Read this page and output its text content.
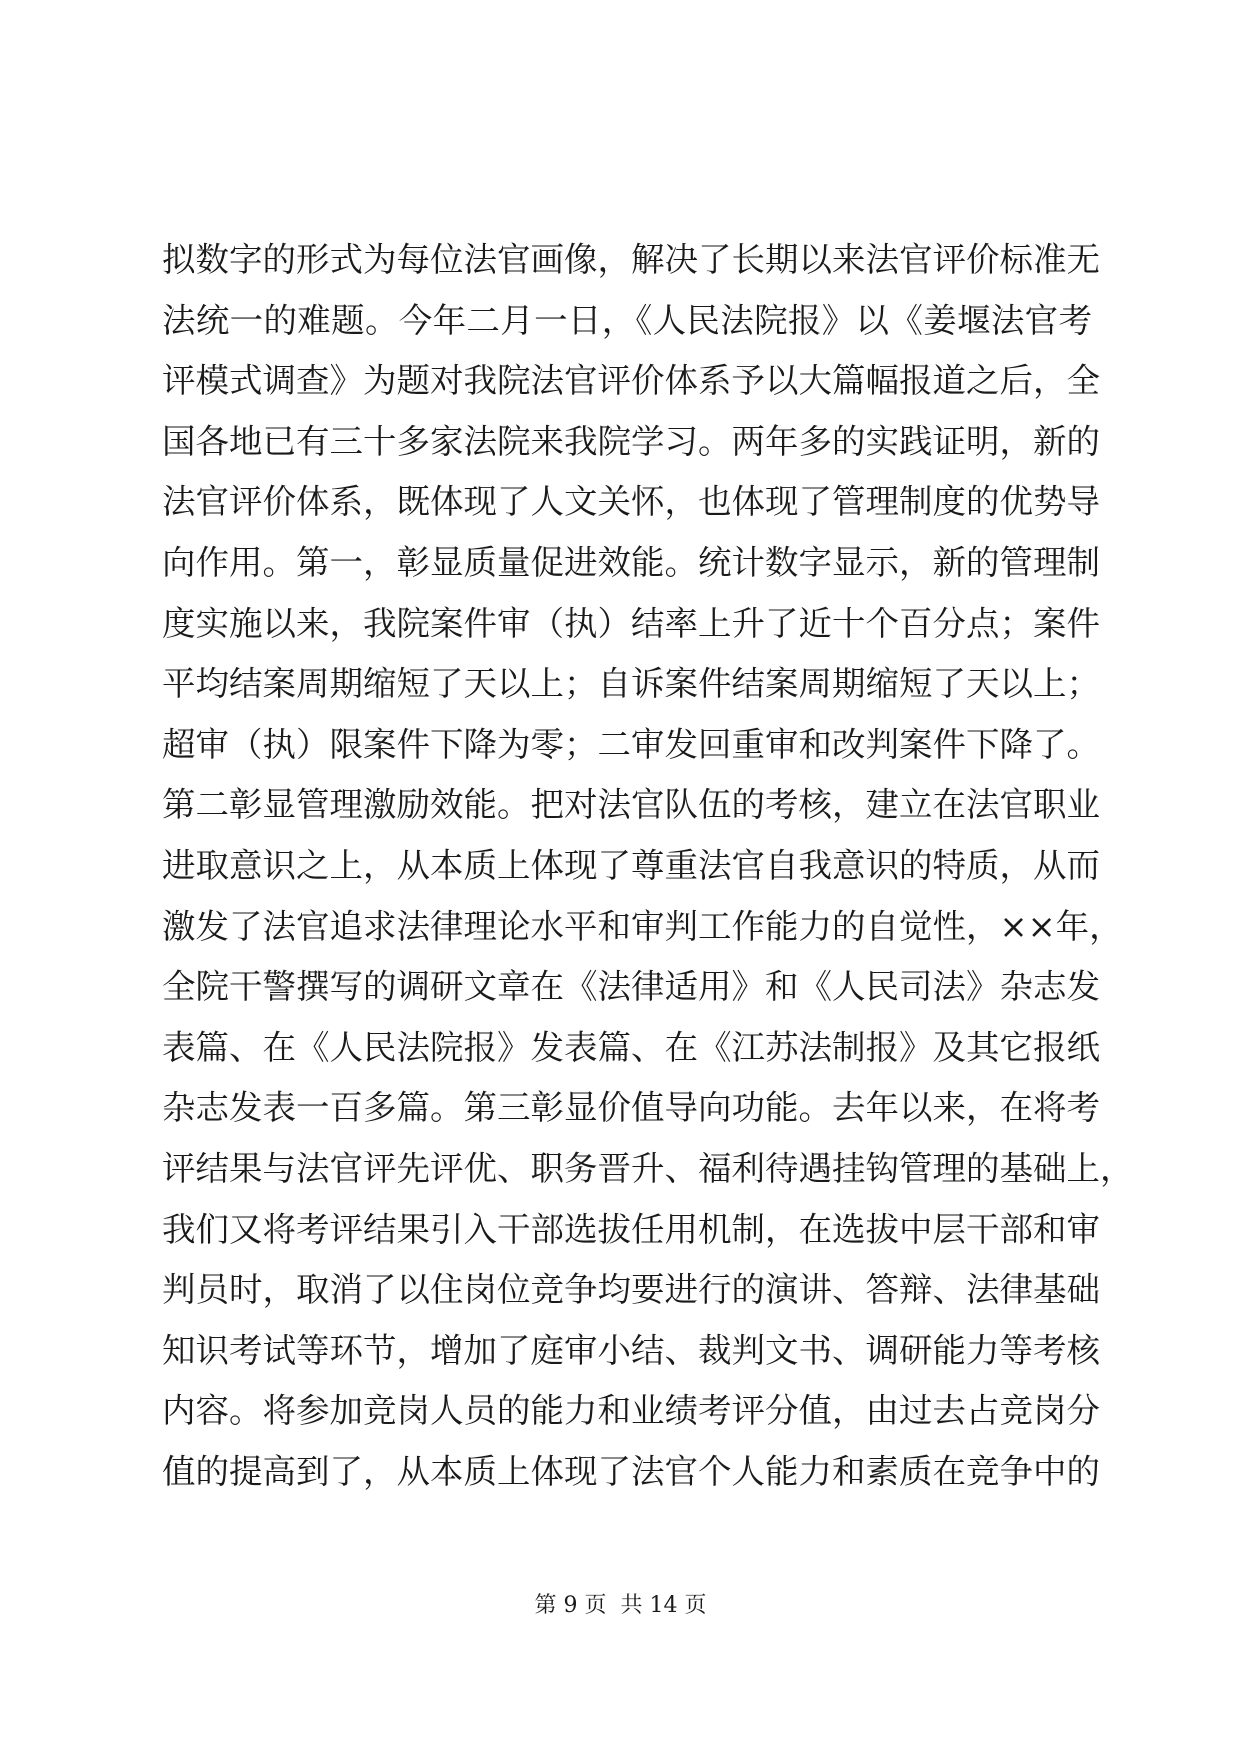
拟数字的形式为每位法官画像，解决了长期以来法官评价标准无
法统一的难题。今年二月一日，《人民法院报》以《姜堰法官考
评模式调查》为题对我院法官评价体系予以大篇幅报道之后，全
国各地已有三十多家法院来我院学习。两年多的实践证明，新的
法官评价体系，既体现了人文关怀，也体现了管理制度的优势导
向作用。第一，彰显质量促进效能。统计数字显示，新的管理制
度实施以来，我院案件审（执）结率上升了近十个百分点；案件
平均结案周期缩短了天以上；自诉案件结案周期缩短了天以上；
超审（执）限案件下降为零；二审发回重审和改判案件下降了。
第二彰显管理激励效能。把对法官队伍的考核，建立在法官职业
进取意识之上，从本质上体现了尊重法官自我意识的特质，从而
激发了法官追求法律理论水平和审判工作能力的自觉性，××年，
全院干警撰写的调研文章在《法律适用》和《人民司法》杂志发
表篇、在《人民法院报》发表篇、在《江苏法制报》及其它报纸
杂志发表一百多篇。第三彰显价值导向功能。去年以来，在将考
评结果与法官评先评优、职务晋升、福利待遇挂钩管理的基础上，
我们又将考评结果引入干部选拔任用机制，在选拔中层干部和审
判员时，取消了以住岗位竞争均要进行的演讲、答辩、法律基础
知识考试等环节，增加了庭审小结、裁判文书、调研能力等考核
内容。将参加竞岗人员的能力和业绩考评分值，由过去占竞岗分
值的提高到了，从本质上体现了法官个人能力和素质在竞争中的
第 9 页  共 14 页
